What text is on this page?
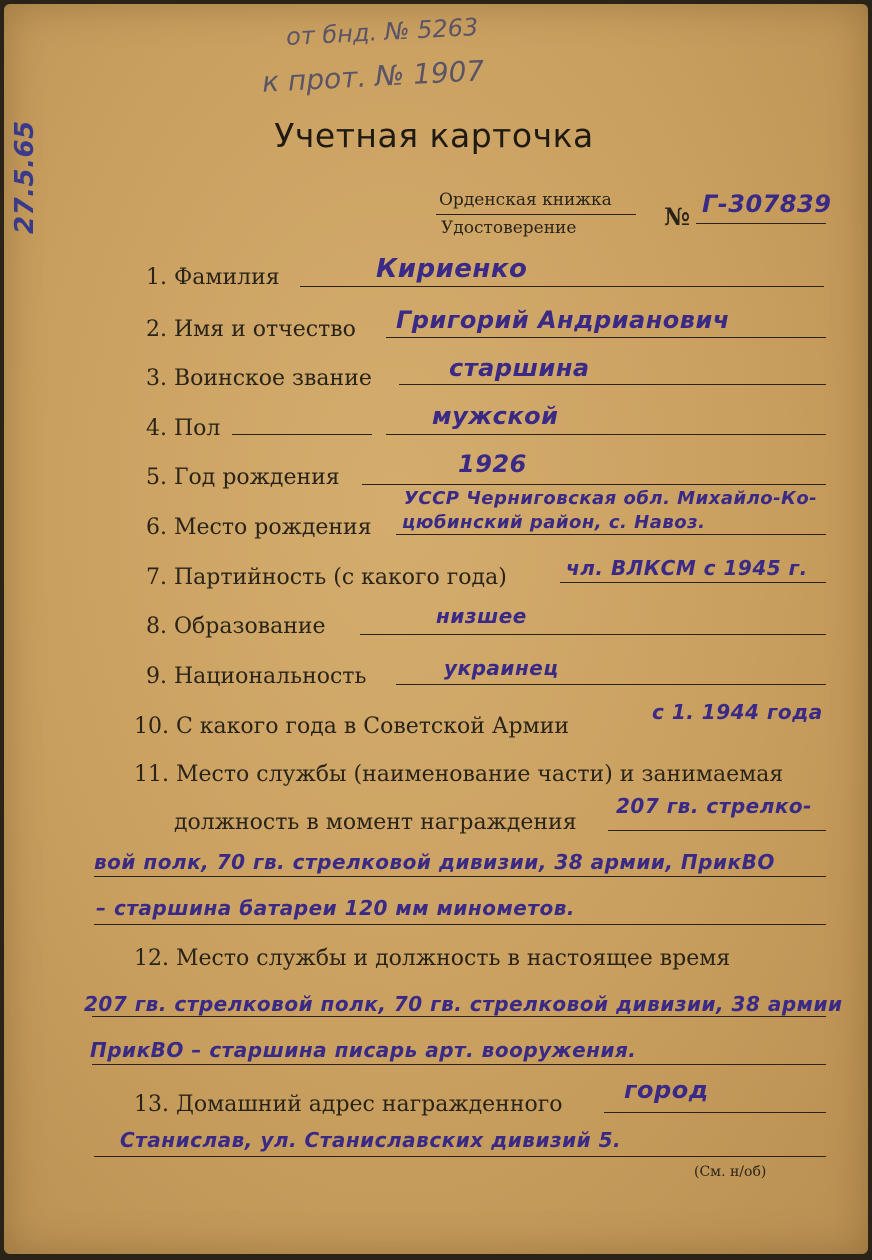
от бнд. № 5263
к прот. № 1907
27.5.65	Учетная карточка
Орденская книжка
Удостоверение	№ Г-307839
1. Фамилия	Кириенко
2. Имя и отчество Григорий Андрианович
3. Воинское звание	старшина
4. Пол	мужской
5. Год рождения	1926
6. Место рождения
УССР Черниговская обл. Михайло-Ко-
цюбинский район, с. Навоз.
7. Партийность (с какого года)	чл. ВЛКСМ с 1945 г.
8. Образование	низшее
9. Национальность	украинец
10. С какого года в Советской Армии
с 1. 1944 года
11. Место службы (наименование части) и занимаемая
должность в момент награждения
207 гв. стрелко-
вой полк, 70 гв. стрелковой дивизии, 38 армии, ПрикВО
– старшина батареи 120 мм минометов.
12. Место службы и должность в настоящее время
207 гв. стрелковой полк, 70 гв. стрелковой дивизии, 38 армии
ПрикВО – старшина писарь арт. вооружения.
13. Домашний адрес награжденного
город
Станислав, ул. Станиславских дивизий 5.
(См. н/об)
